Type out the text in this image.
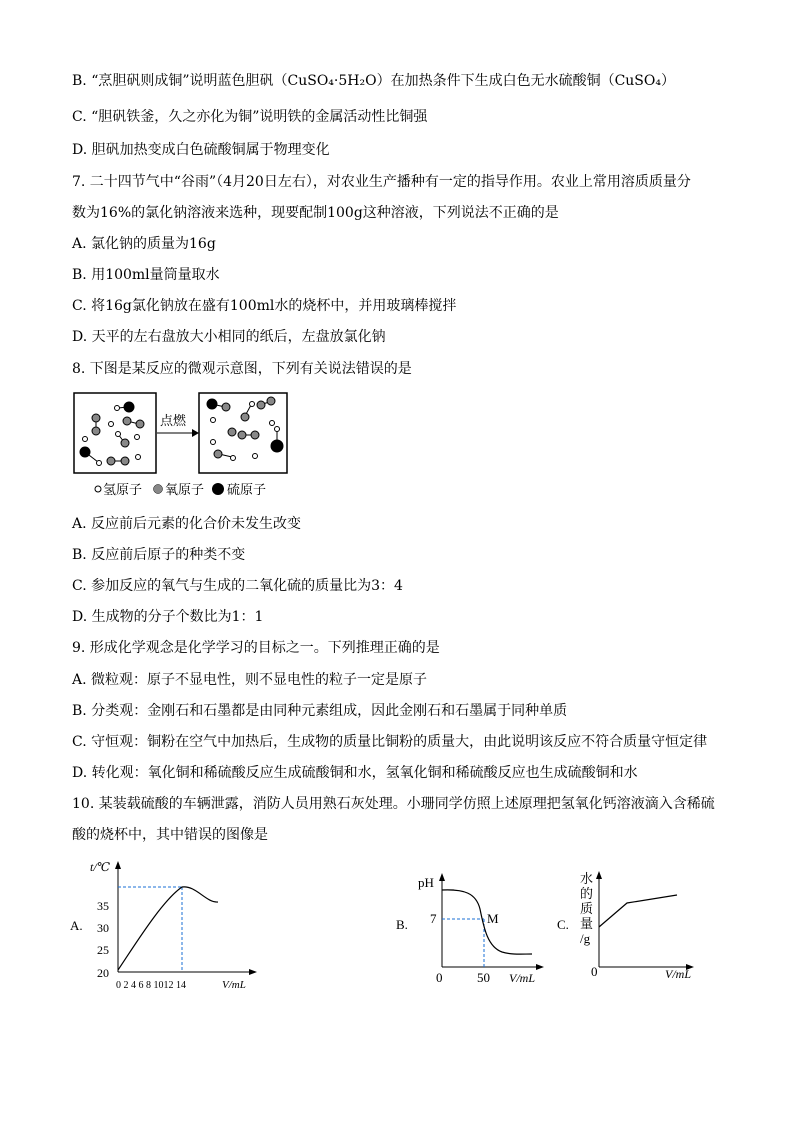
B. “烹胆矾则成铜”说明蓝色胆矾（CuSO₄·5H₂O）在加热条件下生成白色无水硫酸铜（CuSO₄）
C. “胆矾铁釜，久之亦化为铜”说明铁的金属活动性比铜强
D. 胆矾加热变成白色硫酸铜属于物理变化
7. 二十四节气中“谷雨”（4月20日左右），对农业生产播种有一定的指导作用。农业上常用溶质质量分
数为16%的氯化钠溶液来选种，现要配制100g这种溶液，下列说法不正确的是
A. 氯化钠的质量为16g
B. 用100ml量筒量取水
C. 将16g氯化钠放在盛有100ml水的烧杯中，并用玻璃棒搅拌
D. 天平的左右盘放大小相同的纸后，左盘放氯化钠
8. 下图是某反应的微观示意图，下列有关说法错误的是
点燃
氢原子 氧原子 硫原子
A. 反应前后元素的化合价未发生改变
B. 反应前后原子的种类不变
C. 参加反应的氧气与生成的二氧化硫的质量比为3：4
D. 生成物的分子个数比为1：1
9. 形成化学观念是化学学习的目标之一。下列推理正确的是
A. 微粒观：原子不显电性，则不显电性的粒子一定是原子
B. 分类观：金刚石和石墨都是由同种元素组成，因此金刚石和石墨属于同种单质
C. 守恒观：铜粉在空气中加热后，生成物的质量比铜粉的质量大，由此说明该反应不符合质量守恒定律
D. 转化观：氧化铜和稀硫酸反应生成硫酸铜和水，氢氧化铜和稀硫酸反应也生成硫酸铜和水
10. 某装载硫酸的车辆泄露，消防人员用熟石灰处理。小珊同学仿照上述原理把氢氧化钙溶液滴入含稀硫
酸的烧杯中，其中错误的图像是
A.
t/℃
35
30
25
20
0 2 4 6 8 1012 14	V/mL
B.
pH
7
0	50 V/mL
M	C.
水
的
质
量
/g
0	V/mL
